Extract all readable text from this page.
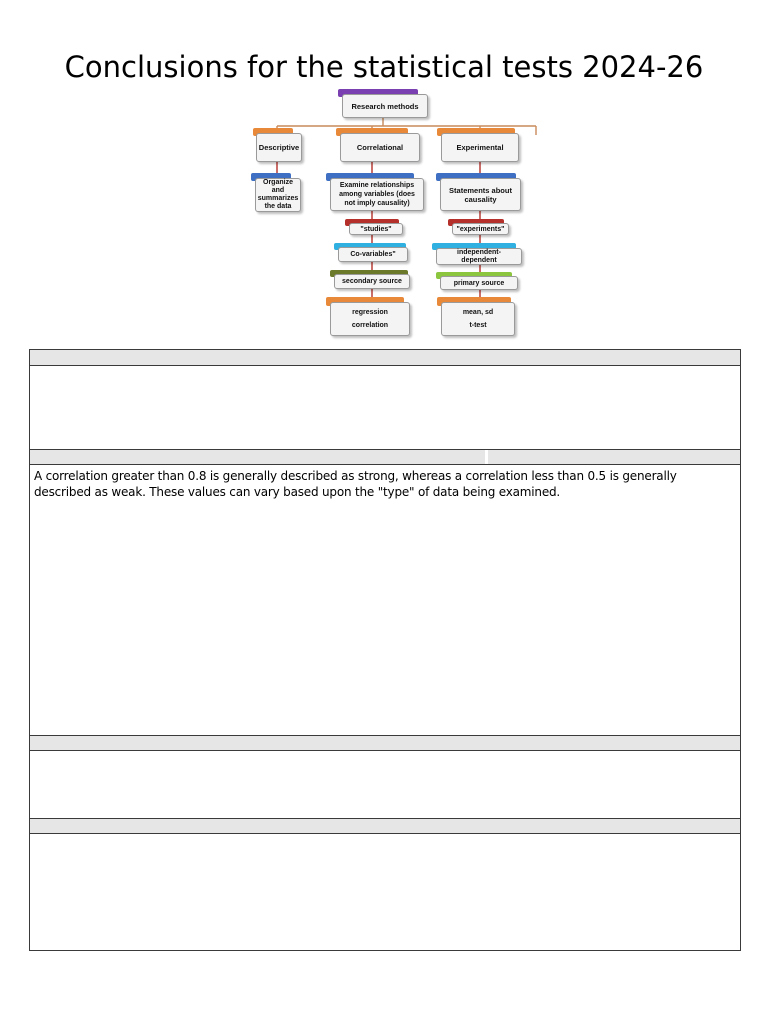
Conclusions for the statistical tests 2024-26
Research methods
Descriptive	Correlational	Experimental
Organize and summarizes the data
Examine relationships among variables (does not imply causality)
Statements about causality
"studies"
Co-variables"
secondary source
regression correlation
"experiments"
independent-dependent
primary source
mean, sd t-test
A correlation greater than 0.8 is generally described as strong, whereas a correlation less than 0.5 is generally described as weak. These values can vary based upon the "type" of data being examined.
